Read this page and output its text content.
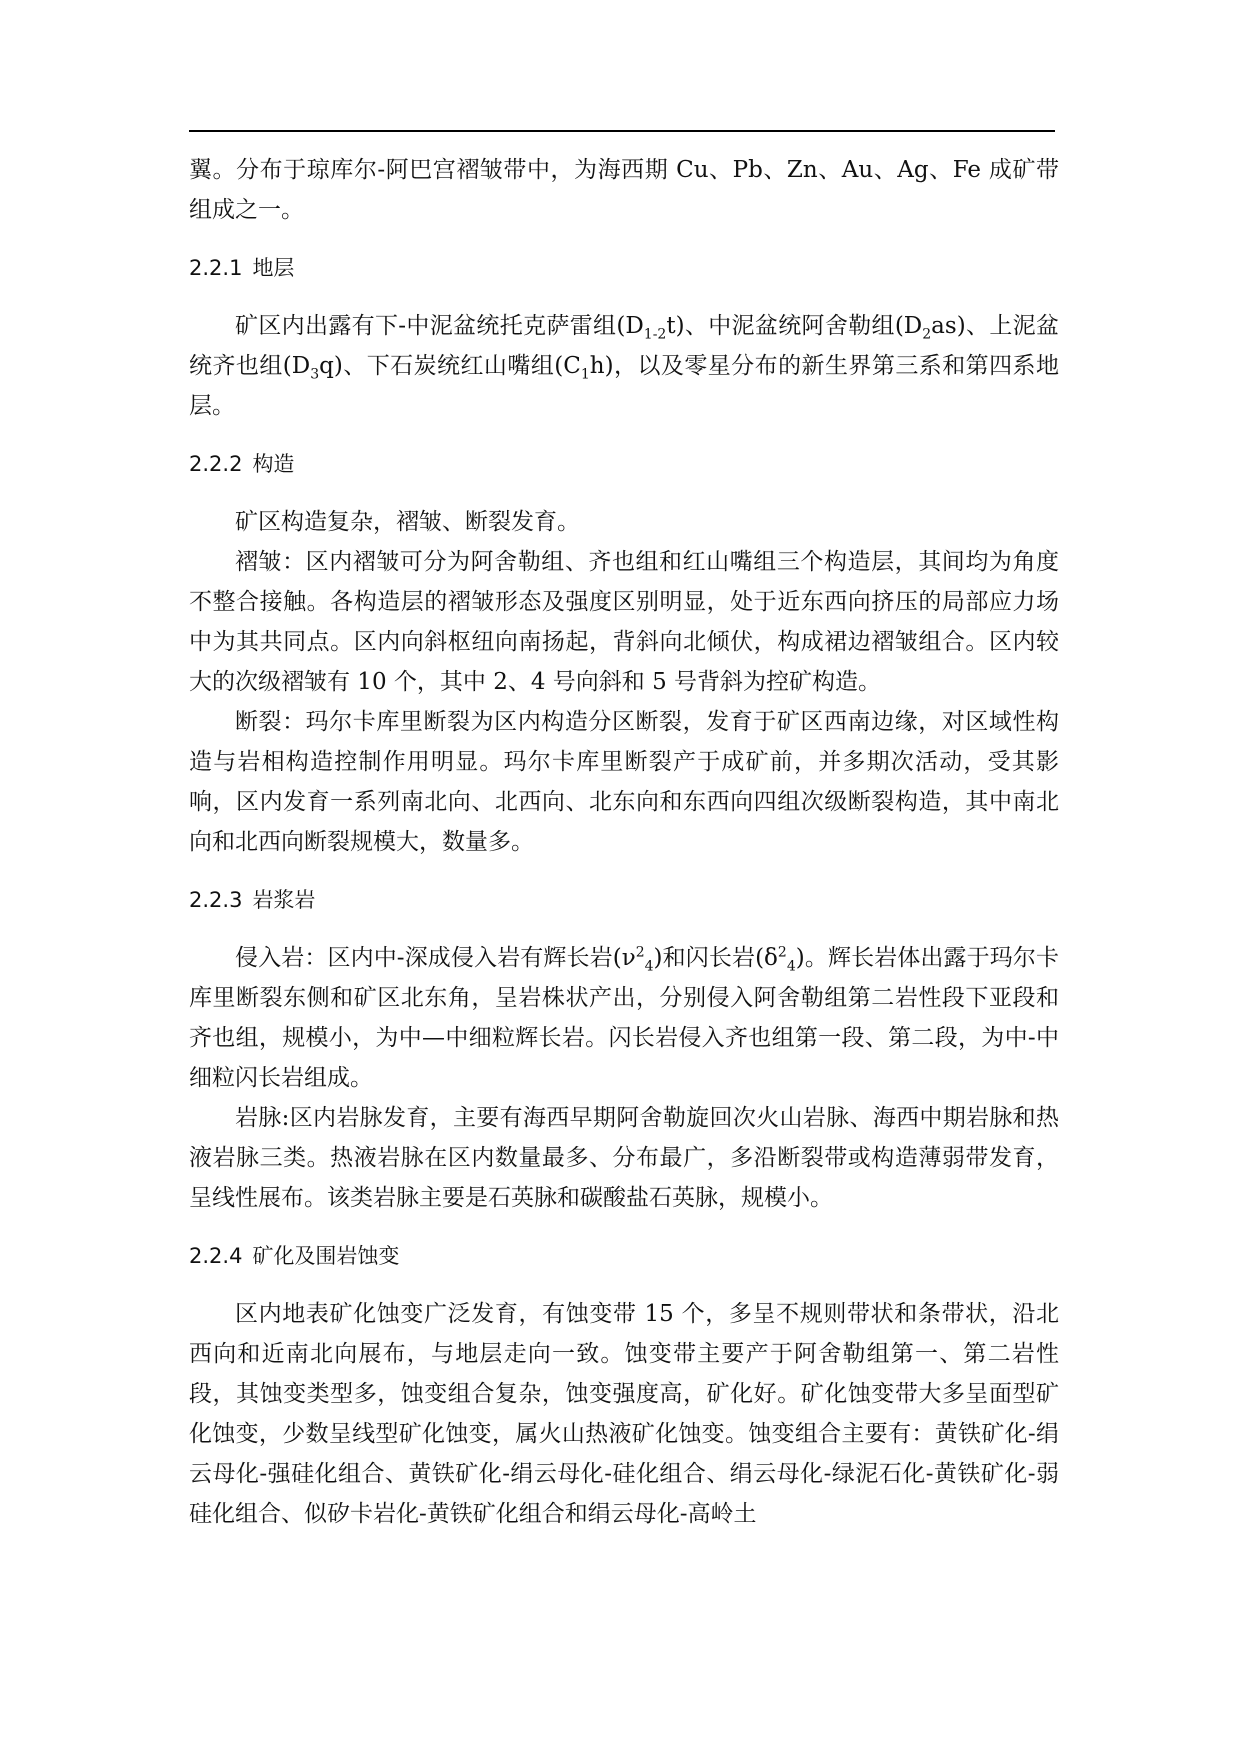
翼。分布于琼库尔-阿巴宫褶皱带中，为海西期 Cu、Pb、Zn、Au、Ag、Fe 成矿带组成之一。

2.2.1 地层

矿区内出露有下-中泥盆统托克萨雷组$(D_{1-2}t)$、中泥盆统阿舍勒组$(D_2as)$、上泥盆统齐也组$(D_3q)$、下石炭统红山嘴组$(C_1h)$，以及零星分布的新生界第三系和第四系地层。

2.2.2 构造

矿区构造复杂，褶皱、断裂发育。

褶皱：区内褶皱可分为阿舍勒组、齐也组和红山嘴组三个构造层，其间均为角度不整合接触。各构造层的褶皱形态及强度区别明显，处于近东西向挤压的局部应力场中为其共同点。区内向斜枢纽向南扬起，背斜向北倾伏，构成裙边褶皱组合。区内较大的次级褶皱有 10 个，其中 2、4 号向斜和 5 号背斜为控矿构造。

断裂：玛尔卡库里断裂为区内构造分区断裂，发育于矿区西南边缘，对区域性构造与岩相构造控制作用明显。玛尔卡库里断裂产于成矿前，并多期次活动，受其影响，区内发育一系列南北向、北西向、北东向和东西向四组次级断裂构造，其中南北向和北西向断裂规模大，数量多。

2.2.3 岩浆岩

侵入岩：区内中-深成侵入岩有辉长岩$(\nu^2_4)$和闪长岩$(\delta^2_4)$。辉长岩体出露于玛尔卡库里断裂东侧和矿区北东角，呈岩株状产出，分别侵入阿舍勒组第二岩性段下亚段和齐也组，规模小，为中—中细粒辉长岩。闪长岩侵入齐也组第一段、第二段，为中-中细粒闪长岩组成。

岩脉:区内岩脉发育，主要有海西早期阿舍勒旋回次火山岩脉、海西中期岩脉和热液岩脉三类。热液岩脉在区内数量最多、分布最广，多沿断裂带或构造薄弱带发育，呈线性展布。该类岩脉主要是石英脉和碳酸盐石英脉，规模小。

2.2.4 矿化及围岩蚀变

区内地表矿化蚀变广泛发育，有蚀变带 15 个，多呈不规则带状和条带状，沿北西向和近南北向展布，与地层走向一致。蚀变带主要产于阿舍勒组第一、第二岩性段，其蚀变类型多，蚀变组合复杂，蚀变强度高，矿化好。矿化蚀变带大多呈面型矿化蚀变，少数呈线型矿化蚀变，属火山热液矿化蚀变。蚀变组合主要有：黄铁矿化-绢云母化-强硅化组合、黄铁矿化-绢云母化-硅化组合、绢云母化-绿泥石化-黄铁矿化-弱硅化组合、似矽卡岩化-黄铁矿化组合和绢云母化-高岭土
